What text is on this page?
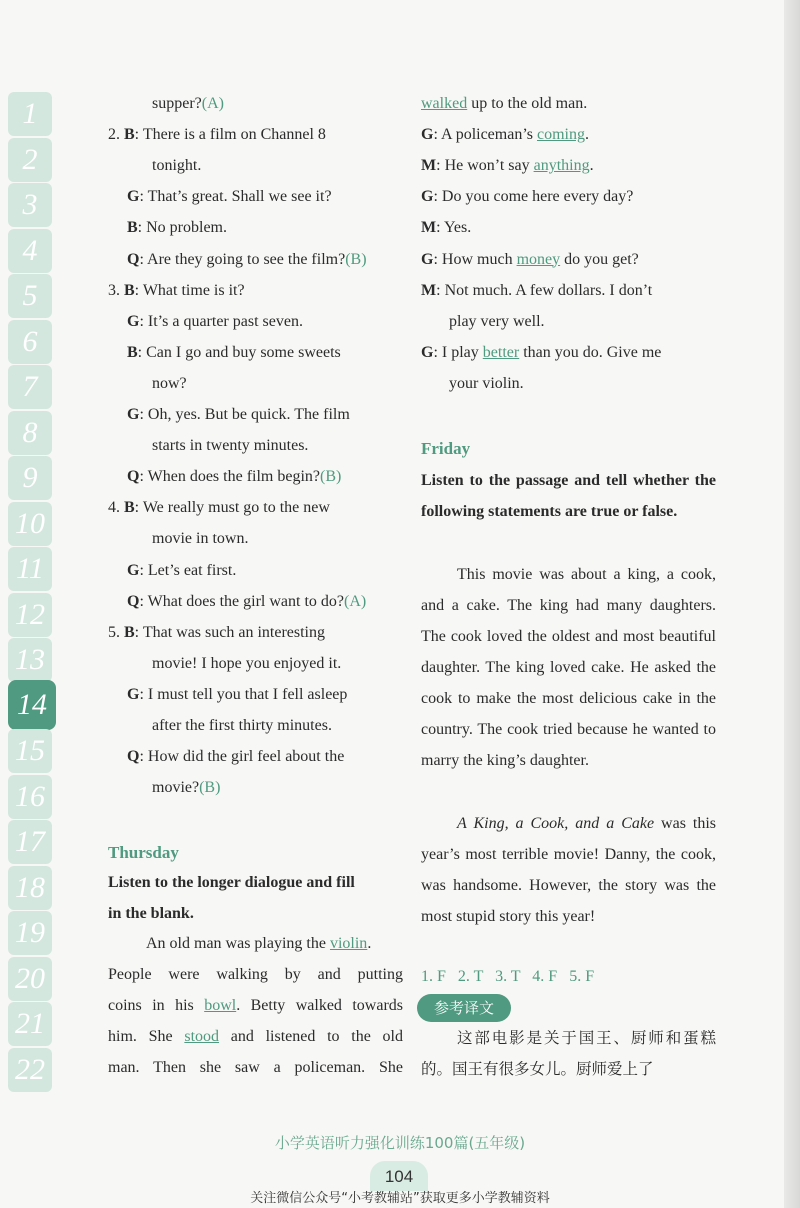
1
2
3
4
5
6
7
8
9
10
11
12
13
14
15
16
17
18
19
20
21
22
supper?(A)
2. B: There is a film on Channel 8
tonight.
G: That’s great. Shall we see it?
B: No problem.
Q: Are they going to see the film?(B)
3. B: What time is it?
G: It’s a quarter past seven.
B: Can I go and buy some sweets
now?
G: Oh, yes. But be quick. The film
starts in twenty minutes.
Q: When does the film begin?(B)
4. B: We really must go to the new
movie in town.
G: Let’s eat first.
Q: What does the girl want to do?(A)
5. B: That was such an interesting
movie! I hope you enjoyed it.
G: I must tell you that I fell asleep
after the first thirty minutes.
Q: How did the girl feel about the
movie?(B)
Thursday
Listen to the longer dialogue and fill
in the blank.
An old man was playing the violin.
People were walking by and putting
coins in his bowl. Betty walked towards
him. She stood and listened to the old
man. Then she saw a policeman. She
walked up to the old man.
G: A policeman’s coming.
M: He won’t say anything.
G: Do you come here every day?
M: Yes.
G: How much money do you get?
M: Not much. A few dollars. I don’t
play very well.
G: I play better than you do. Give me
your violin.
Friday
Listen to the passage and tell whether the following statements are true or false.
This movie was about a king, a cook, and a cake. The king had many daughters. The cook loved the oldest and most beautiful daughter. The king loved cake. He asked the cook to make the most delicious cake in the country. The cook tried because he wanted to marry the king’s daughter.
A King, a Cook, and a Cake was this year’s most terrible movie! Danny, the cook, was handsome. However, the story was the most stupid story this year!
1. F   2. T   3. T   4. F   5. F
参考译文
这部电影是关于国王、厨师和蛋糕的。国王有很多女儿。厨师爱上了
小学英语听力强化训练100篇(五年级)
104
关注微信公众号“小考教辅站”获取更多小学教辅资料
